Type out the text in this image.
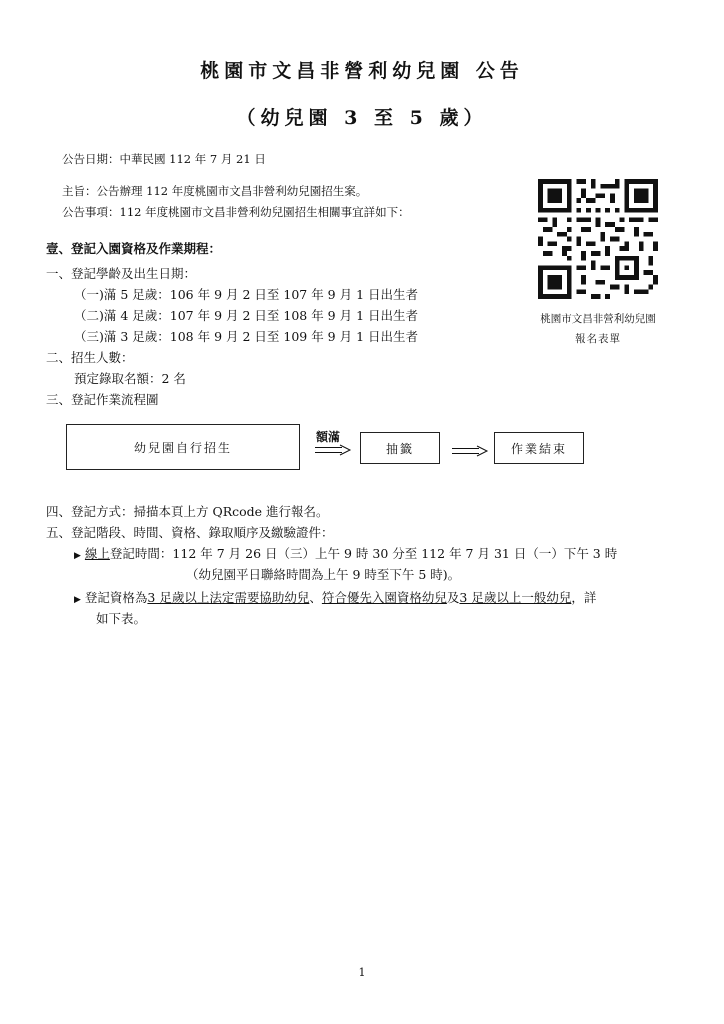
桃園市文昌非營利幼兒園 公告
（幼兒園 3 至 5 歲）
公告日期：中華民國 112 年 7 月 21 日
主旨：公告辦理 112 年度桃園市文昌非營利幼兒園招生案。
公告事項：112 年度桃園市文昌非營利幼兒園招生相關事宜詳如下：
壹、登記入園資格及作業期程：
一、登記學齡及出生日期：
（一)滿 5 足歲：106 年 9 月 2 日至 107 年 9 月 1 日出生者
（二)滿 4 足歲：107 年 9 月 2 日至 108 年 9 月 1 日出生者
（三)滿 3 足歲：108 年 9 月 2 日至 109 年 9 月 1 日出生者
二、招生人數：
預定錄取名額：2 名
三、登記作業流程圖
桃園市文昌非營利幼兒園
報名表單
幼兒園自行招生
額滿
抽籤	作業結束
四、登記方式：掃描本頁上方 QRcode 進行報名。
五、登記階段、時間、資格、錄取順序及繳驗證件：
▶ 線上登記時間：112 年 7 月 26 日（三）上午 9 時 30 分至 112 年 7 月 31 日（一）下午 3 時
（幼兒園平日聯絡時間為上午 9 時至下午 5 時)。
▶ 登記資格為3 足歲以上法定需要協助幼兒、符合優先入園資格幼兒及3 足歲以上一般幼兒，詳
如下表。
1
